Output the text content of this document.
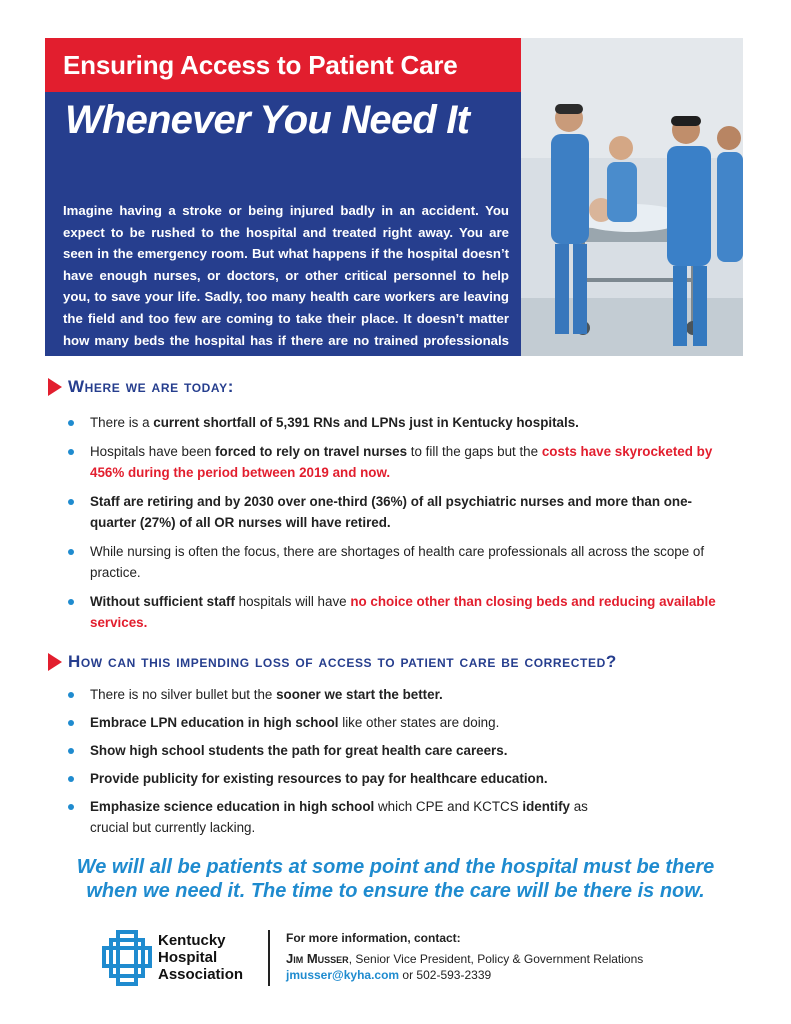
Ensuring Access to Patient Care
Whenever You Need It

Imagine having a stroke or being injured badly in an accident. You expect to be rushed to the hospital and treated right away. You are seen in the emergency room. But what happens if the hospital doesn’t have enough nurses, or doctors, or other critical personnel to help you, to save your life. Sadly, too many health care workers are leaving the field and too few are coming to take their place. It doesn’t matter how many beds the hospital has if there are no trained professionals to care for you.

Where we are today:
There is a current shortfall of 5,391 RNs and LPNs just in Kentucky hospitals.
Hospitals have been forced to rely on travel nurses to fill the gaps but the costs have skyrocketed by 456% during the period between 2019 and now.
Staff are retiring and by 2030 over one-third (36%) of all psychiatric nurses and more than one-quarter (27%) of all OR nurses will have retired.
While nursing is often the focus, there are shortages of health care professionals all across the scope of practice.
Without sufficient staff hospitals will have no choice other than closing beds and reducing available services.
How can this impending loss of access to patient care be corrected?
There is no silver bullet but the sooner we start the better.
Embrace LPN education in high school like other states are doing.
Show high school students the path for great health care careers.
Provide publicity for existing resources to pay for healthcare education.
Emphasize science education in high school which CPE and KCTCS identify as crucial but currently lacking.
We will all be patients at some point and the hospital must be there
when we need it. The time to ensure the care will be there is now.
Kentucky
Hospital
Association
For more information, contact:
Jim Musser, Senior Vice President, Policy & Government Relations
jmusser@kyha.com or 502-593-2339
